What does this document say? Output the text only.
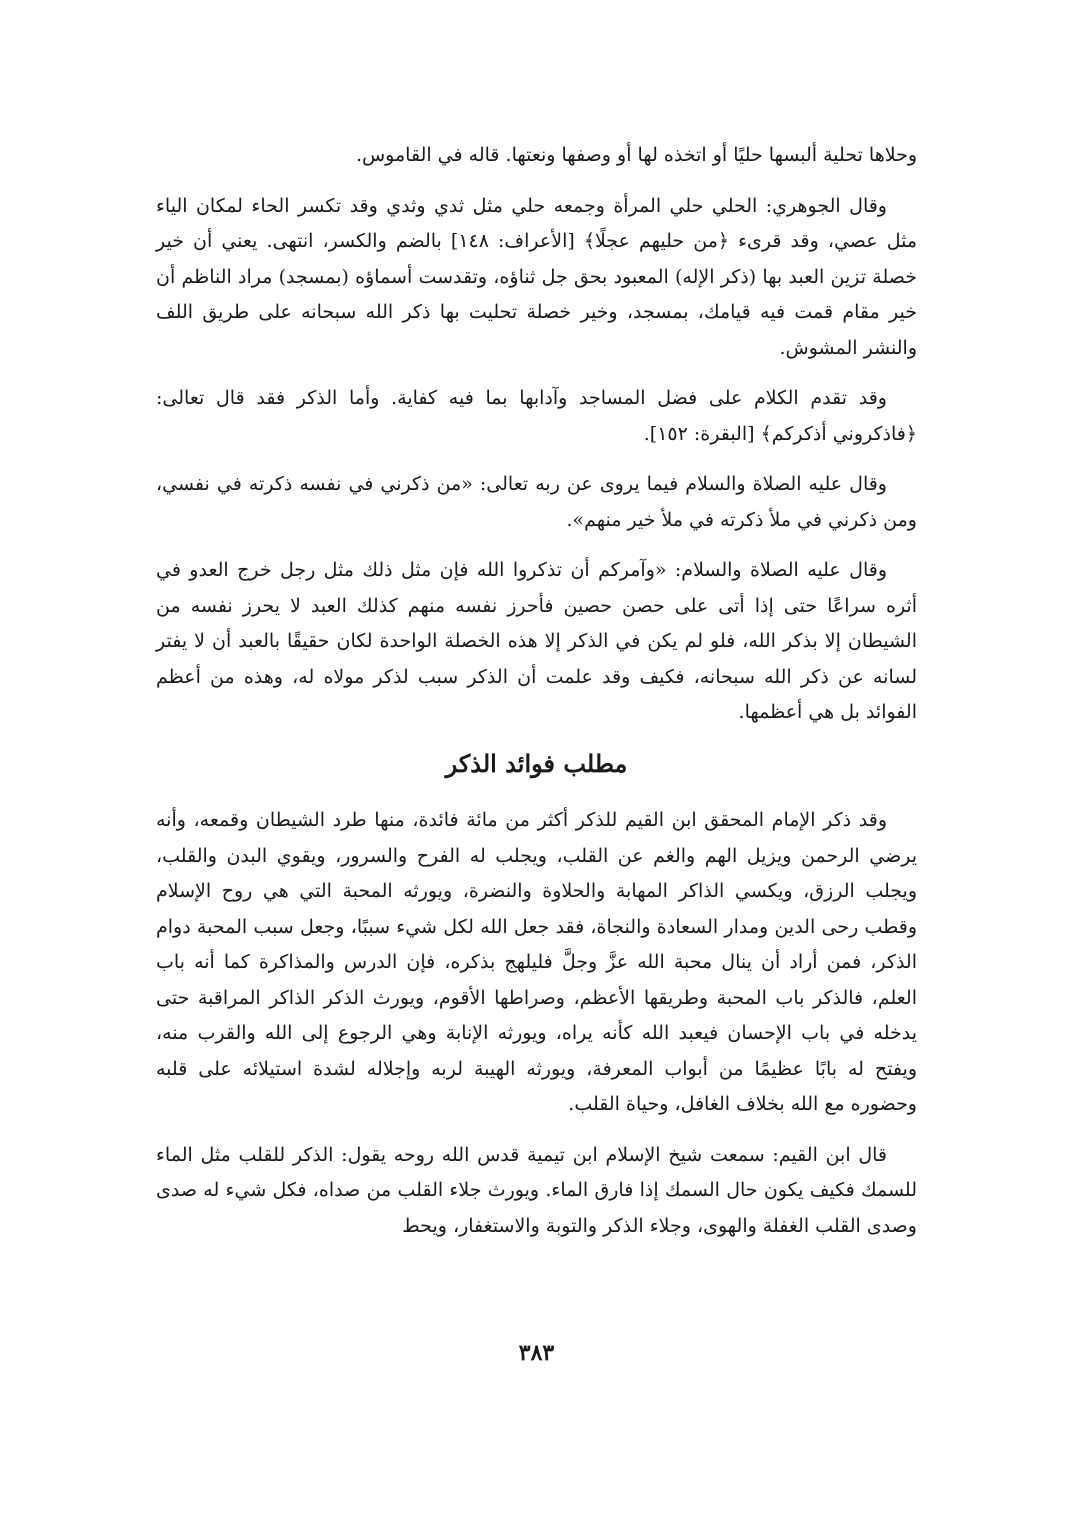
وحلاها تحلية ألبسها حليًا أو اتخذه لها أو وصفها ونعتها. قاله في القاموس.

وقال الجوهري: الحلي حلي المرأة وجمعه حلي مثل ثدي وثدي وقد تكسر الحاء لمكان الياء مثل عصي، وقد قرىء ﴿من حليهم عجلًا﴾ [الأعراف: ١٤٨] بالضم والكسر، انتهى. يعني أن خير خصلة تزين العبد بها (ذكر الإله) المعبود بحق جل ثناؤه، وتقدست أسماؤه (بمسجد) مراد الناظم أن خير مقام قمت فيه قيامك، بمسجد، وخير خصلة تحليت بها ذكر الله سبحانه على طريق اللف والنشر المشوش.

وقد تقدم الكلام على فضل المساجد وآدابها بما فيه كفاية. وأما الذكر فقد قال تعالى: ﴿فاذكروني أذكركم﴾ [البقرة: ١٥٢].

وقال عليه الصلاة والسلام فيما يروى عن ربه تعالى: «من ذكرني في نفسه ذكرته في نفسي، ومن ذكرني في ملأ ذكرته في ملأ خير منهم».

وقال عليه الصلاة والسلام: «وآمركم أن تذكروا الله فإن مثل ذلك مثل رجل خرج العدو في أثره سراعًا حتى إذا أتى على حصن حصين فأحرز نفسه منهم كذلك العبد لا يحرز نفسه من الشيطان إلا بذكر الله، فلو لم يكن في الذكر إلا هذه الخصلة الواحدة لكان حقيقًا بالعبد أن لا يفتر لسانه عن ذكر الله سبحانه، فكيف وقد علمت أن الذكر سبب لذكر مولاه له، وهذه من أعظم الفوائد بل هي أعظمها.

مطلب فوائد الذكر

وقد ذكر الإمام المحقق ابن القيم للذكر أكثر من مائة فائدة، منها طرد الشيطان وقمعه، وأنه يرضي الرحمن ويزيل الهم والغم عن القلب، ويجلب له الفرح والسرور، ويقوي البدن والقلب، ويجلب الرزق، ويكسي الذاكر المهابة والحلاوة والنضرة، ويورثه المحبة التي هي روح الإسلام وقطب رحى الدين ومدار السعادة والنجاة، فقد جعل الله لكل شيء سببًا، وجعل سبب المحبة دوام الذكر، فمن أراد أن ينال محبة الله عزَّ وجلَّ فليلهج بذكره، فإن الدرس والمذاكرة كما أنه باب العلم، فالذكر باب المحبة وطريقها الأعظم، وصراطها الأقوم، ويورث الذكر الذاكر المراقبة حتى يدخله في باب الإحسان فيعبد الله كأنه يراه، ويورثه الإنابة وهي الرجوع إلى الله والقرب منه، ويفتح له بابًا عظيمًا من أبواب المعرفة، ويورثه الهيبة لربه وإجلاله لشدة استيلائه على قلبه وحضوره مع الله بخلاف الغافل، وحياة القلب.

قال ابن القيم: سمعت شيخ الإسلام ابن تيمية قدس الله روحه يقول: الذكر للقلب مثل الماء للسمك فكيف يكون حال السمك إذا فارق الماء. ويورث جلاء القلب من صداه، فكل شيء له صدى وصدى القلب الغفلة والهوى، وجلاء الذكر والتوبة والاستغفار، ويحط

٣٨٣
